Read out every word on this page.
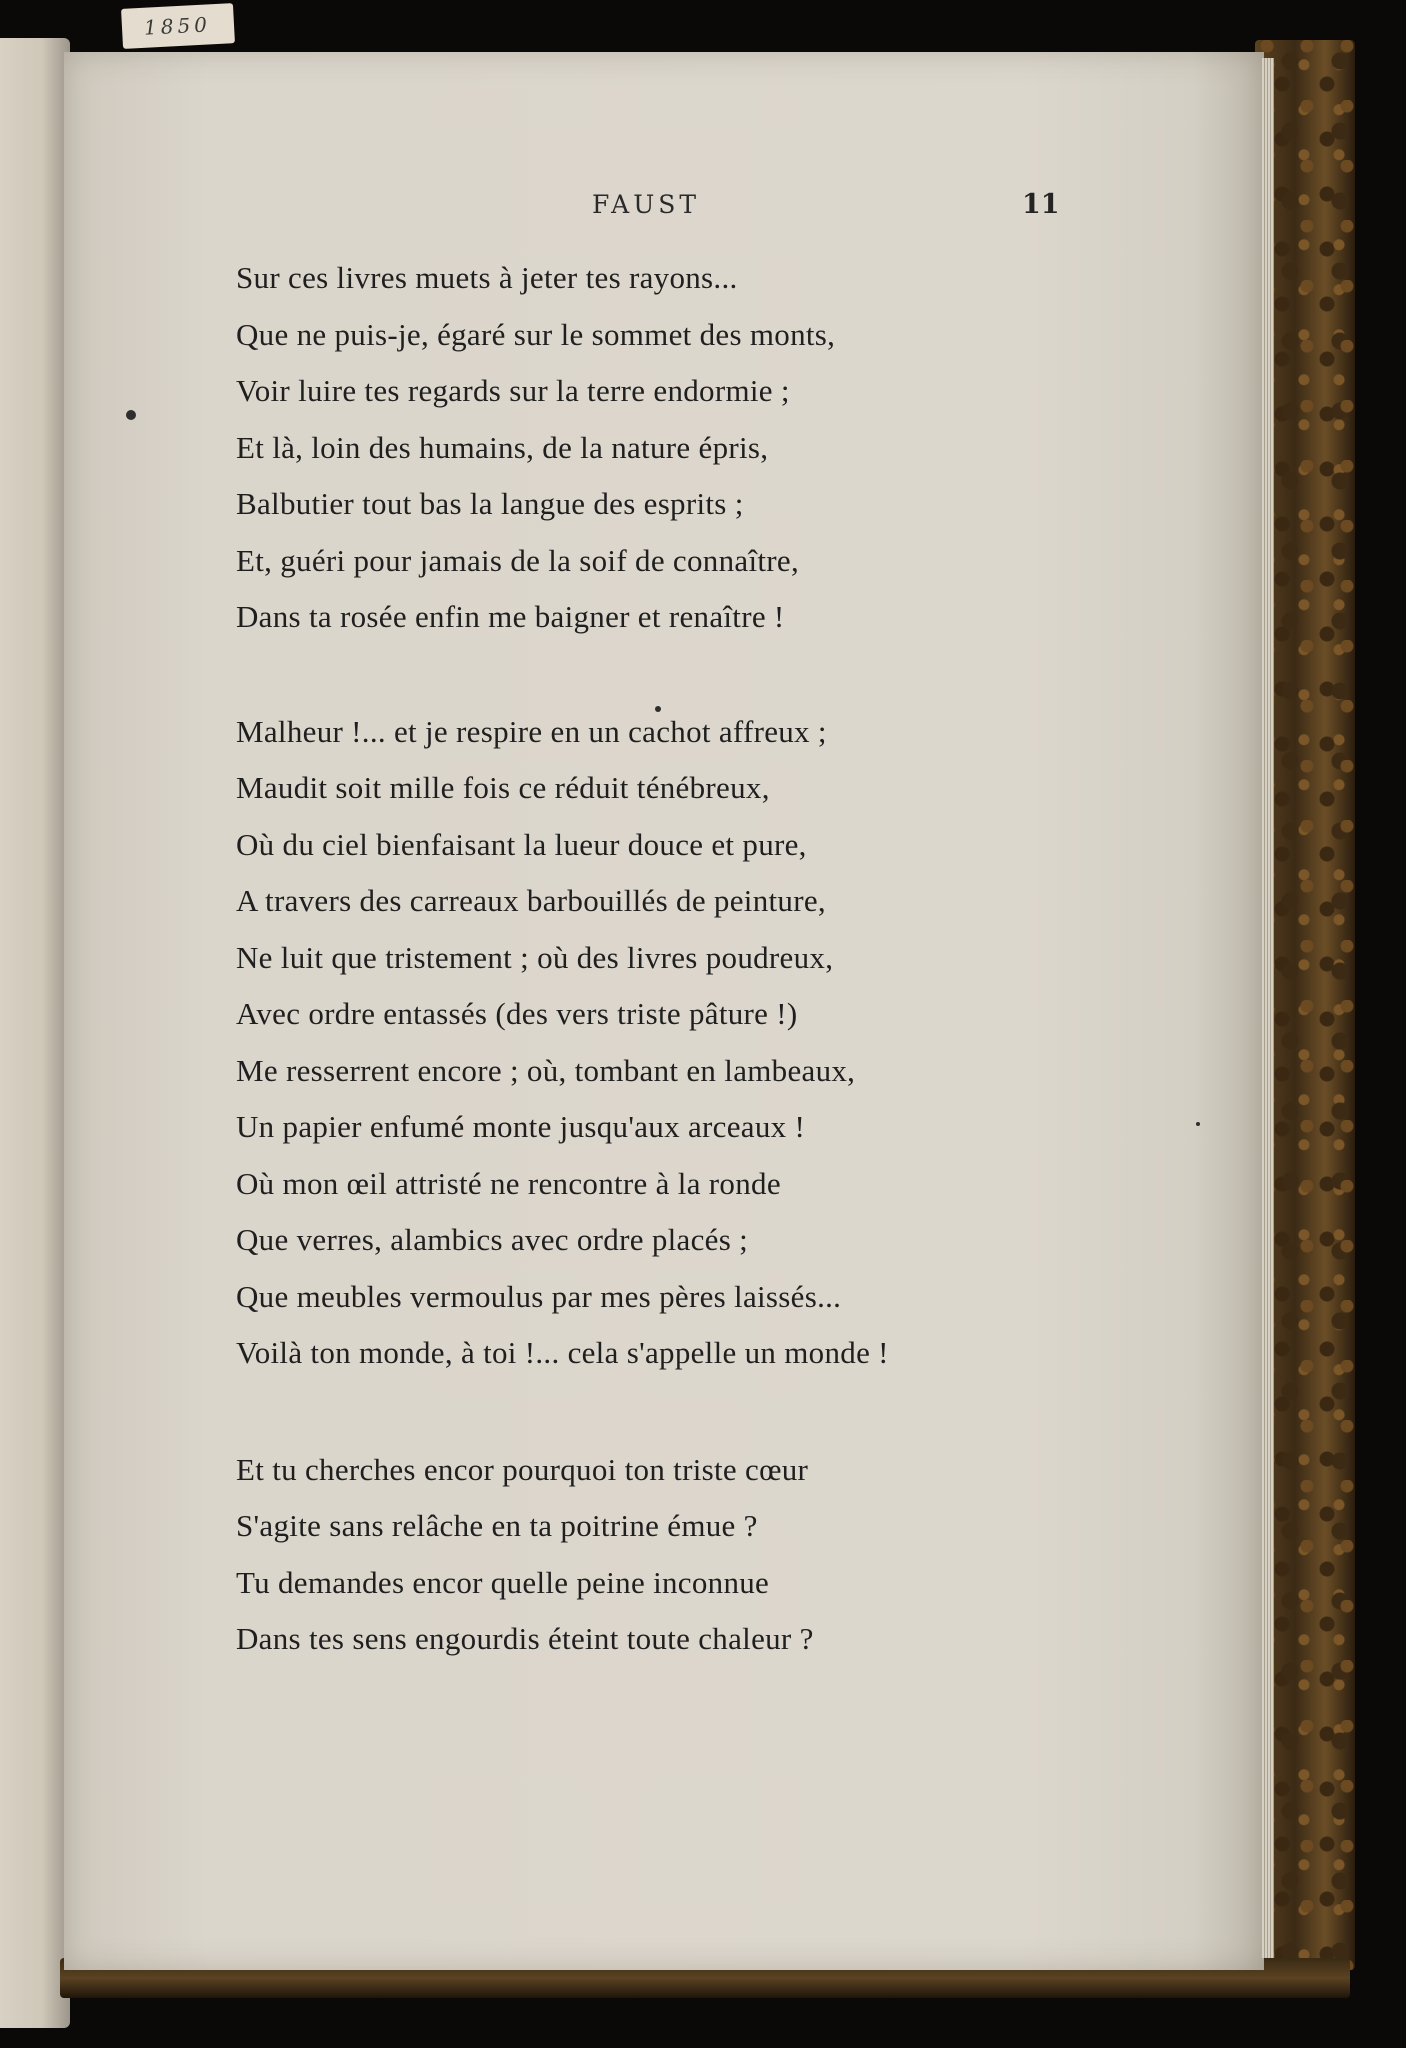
1850
FAUST	11
Sur ces livres muets à jeter tes rayons...
Que ne puis-je, égaré sur le sommet des monts,
Voir luire tes regards sur la terre endormie ;
Et là, loin des humains, de la nature épris,
Balbutier tout bas la langue des esprits ;
Et, guéri pour jamais de la soif de connaître,
Dans ta rosée enfin me baigner et renaître !
Malheur !... et je respire en un cachot affreux ;
Maudit soit mille fois ce réduit ténébreux,
Où du ciel bienfaisant la lueur douce et pure,
A travers des carreaux barbouillés de peinture,
Ne luit que tristement ; où des livres poudreux,
Avec ordre entassés (des vers triste pâture !)
Me resserrent encore ; où, tombant en lambeaux,
Un papier enfumé monte jusqu'aux arceaux !
Où mon œil attristé ne rencontre à la ronde
Que verres, alambics avec ordre placés ;
Que meubles vermoulus par mes pères laissés...
Voilà ton monde, à toi !... cela s'appelle un monde !
Et tu cherches encor pourquoi ton triste cœur
S'agite sans relâche en ta poitrine émue ?
Tu demandes encor quelle peine inconnue
Dans tes sens engourdis éteint toute chaleur ?
